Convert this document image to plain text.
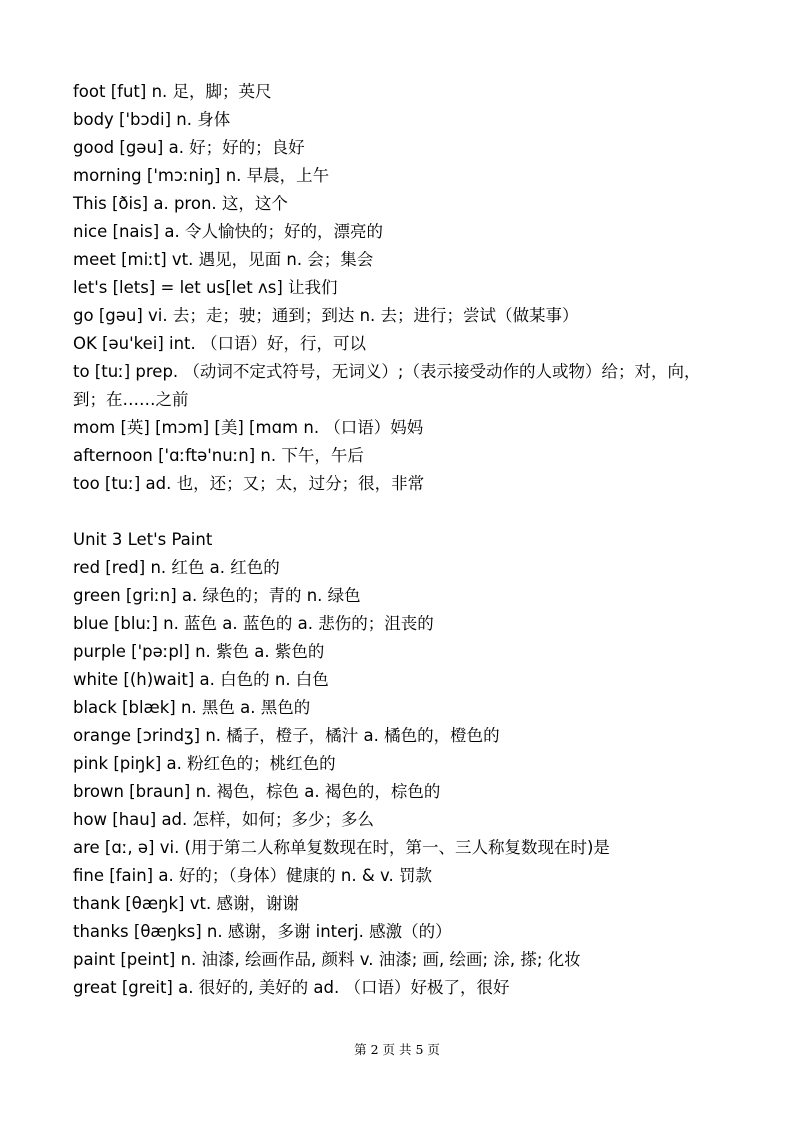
foot [fut] n. 足，脚；英尺
body ['bɔdi] n. 身体
good [gəu] a. 好；好的；良好
morning ['mɔːniŋ] n. 早晨，上午
This [ðis] a. pron. 这，这个
nice [nais] a. 令人愉快的；好的，漂亮的
meet [miːt] vt. 遇见，见面 n. 会；集会
let's [lets] = let us[let ʌs] 让我们
go [gəu] vi. 去；走；驶；通到；到达 n. 去；进行；尝试（做某事）
OK [əu'kei] int. （口语）好，行，可以
to [tuː] prep. （动词不定式符号，无词义）;（表示接受动作的人或物）给；对，向，到；在……之前
mom [英] [mɔm] [美] [mɑm n. （口语）妈妈
afternoon ['ɑːftə'nuːn] n. 下午，午后
too [tuː] ad. 也，还；又；太，过分；很，非常
Unit 3 Let's Paint
red [red] n. 红色 a. 红色的
green [griːn] a. 绿色的；青的 n. 绿色
blue [bluː] n. 蓝色 a. 蓝色的 a. 悲伤的；沮丧的
purple ['pəːpl] n. 紫色 a. 紫色的
white [(h)wait] a. 白色的 n. 白色
black [blæk] n. 黑色 a. 黑色的
orange [ɔrindʒ] n. 橘子，橙子，橘汁 a. 橘色的，橙色的
pink [piŋk] a. 粉红色的；桃红色的
brown [braun] n. 褐色，棕色 a. 褐色的，棕色的
how [hau] ad. 怎样，如何；多少；多么
are [ɑː, ə] vi. (用于第二人称单复数现在时，第一、三人称复数现在时)是
fine [fain] a. 好的；（身体）健康的 n. & v. 罚款
thank [θæŋk] vt. 感谢，谢谢
thanks [θæŋks] n. 感谢，多谢 interj. 感激（的）
paint [peint] n. 油漆, 绘画作品, 颜料 v. 油漆; 画, 绘画; 涂, 搽; 化妆
great [greit] a. 很好的, 美好的 ad. （口语）好极了，很好
第 2 页 共 5 页
